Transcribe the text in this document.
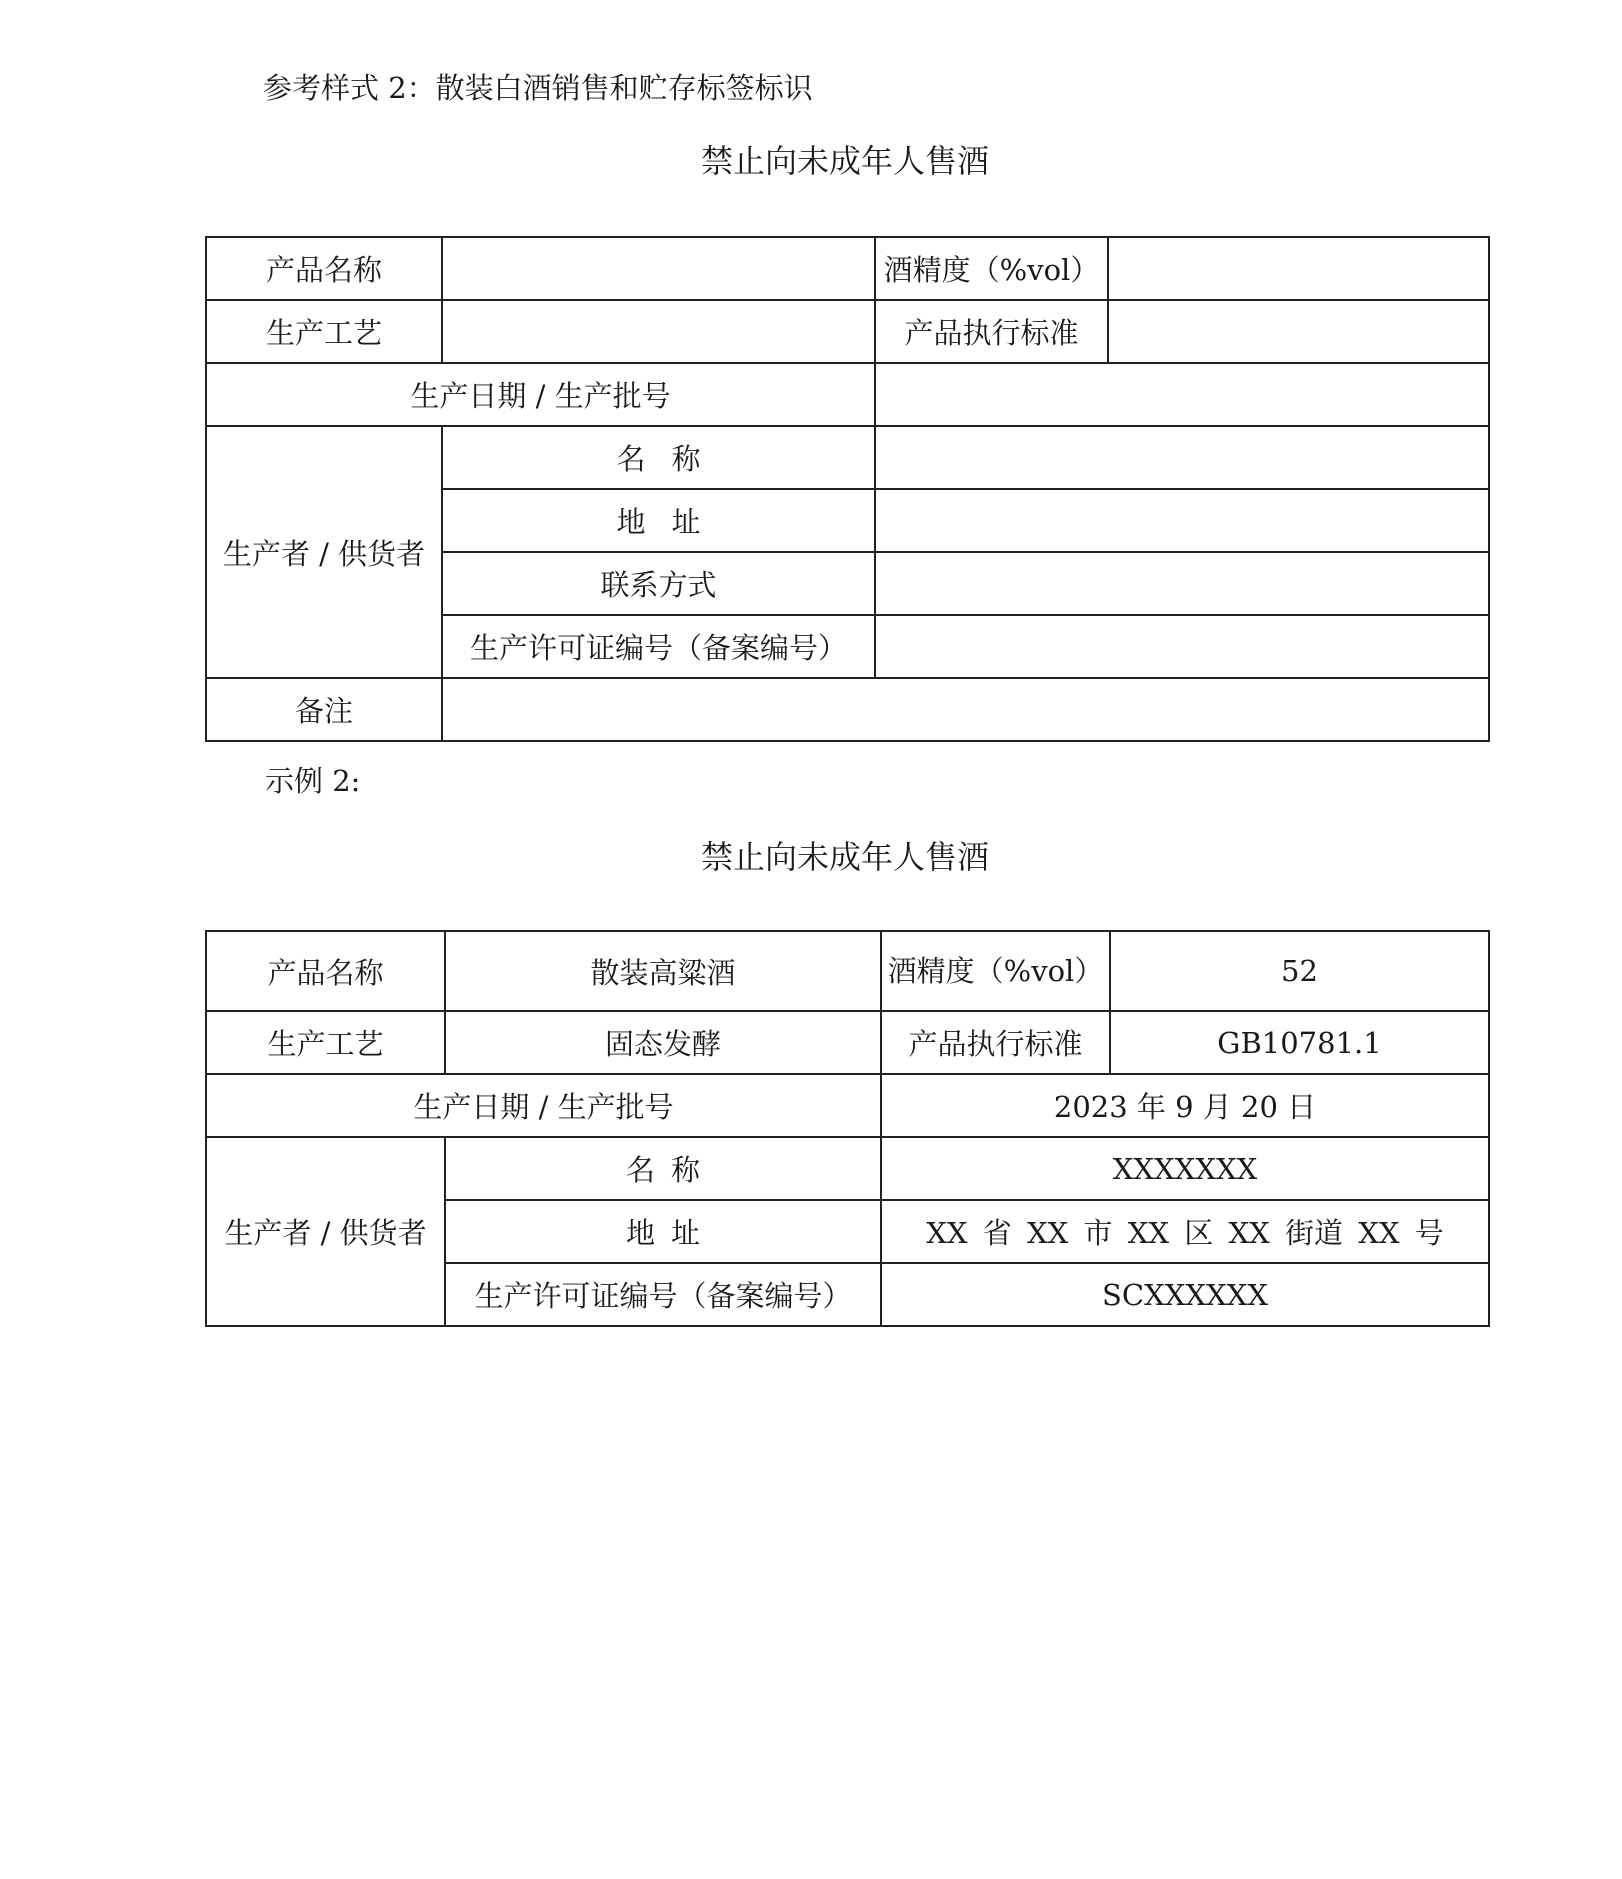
参考样式 2：散装白酒销售和贮存标签标识
禁止向未成年人售酒
产品名称		酒精度（%vol）	
生产工艺		产品执行标准	
生产日期 / 生产批号			
生产者 / 供货者	名称		
	地址		
	联系方式		
	生产许可证编号（备案编号）		
备注			
示例 2:
禁止向未成年人售酒
产品名称	散装高粱酒	酒精度（%vol）	52
生产工艺	固态发酵	产品执行标准	GB10781.1
生产日期 / 生产批号		2023 年 9 月 20 日	
生产者 / 供货者	名称	XXXXXXX	
	地址	XX 省 XX 市 XX 区 XX 街道 XX 号	
	生产许可证编号（备案编号）	SCXXXXXX	
